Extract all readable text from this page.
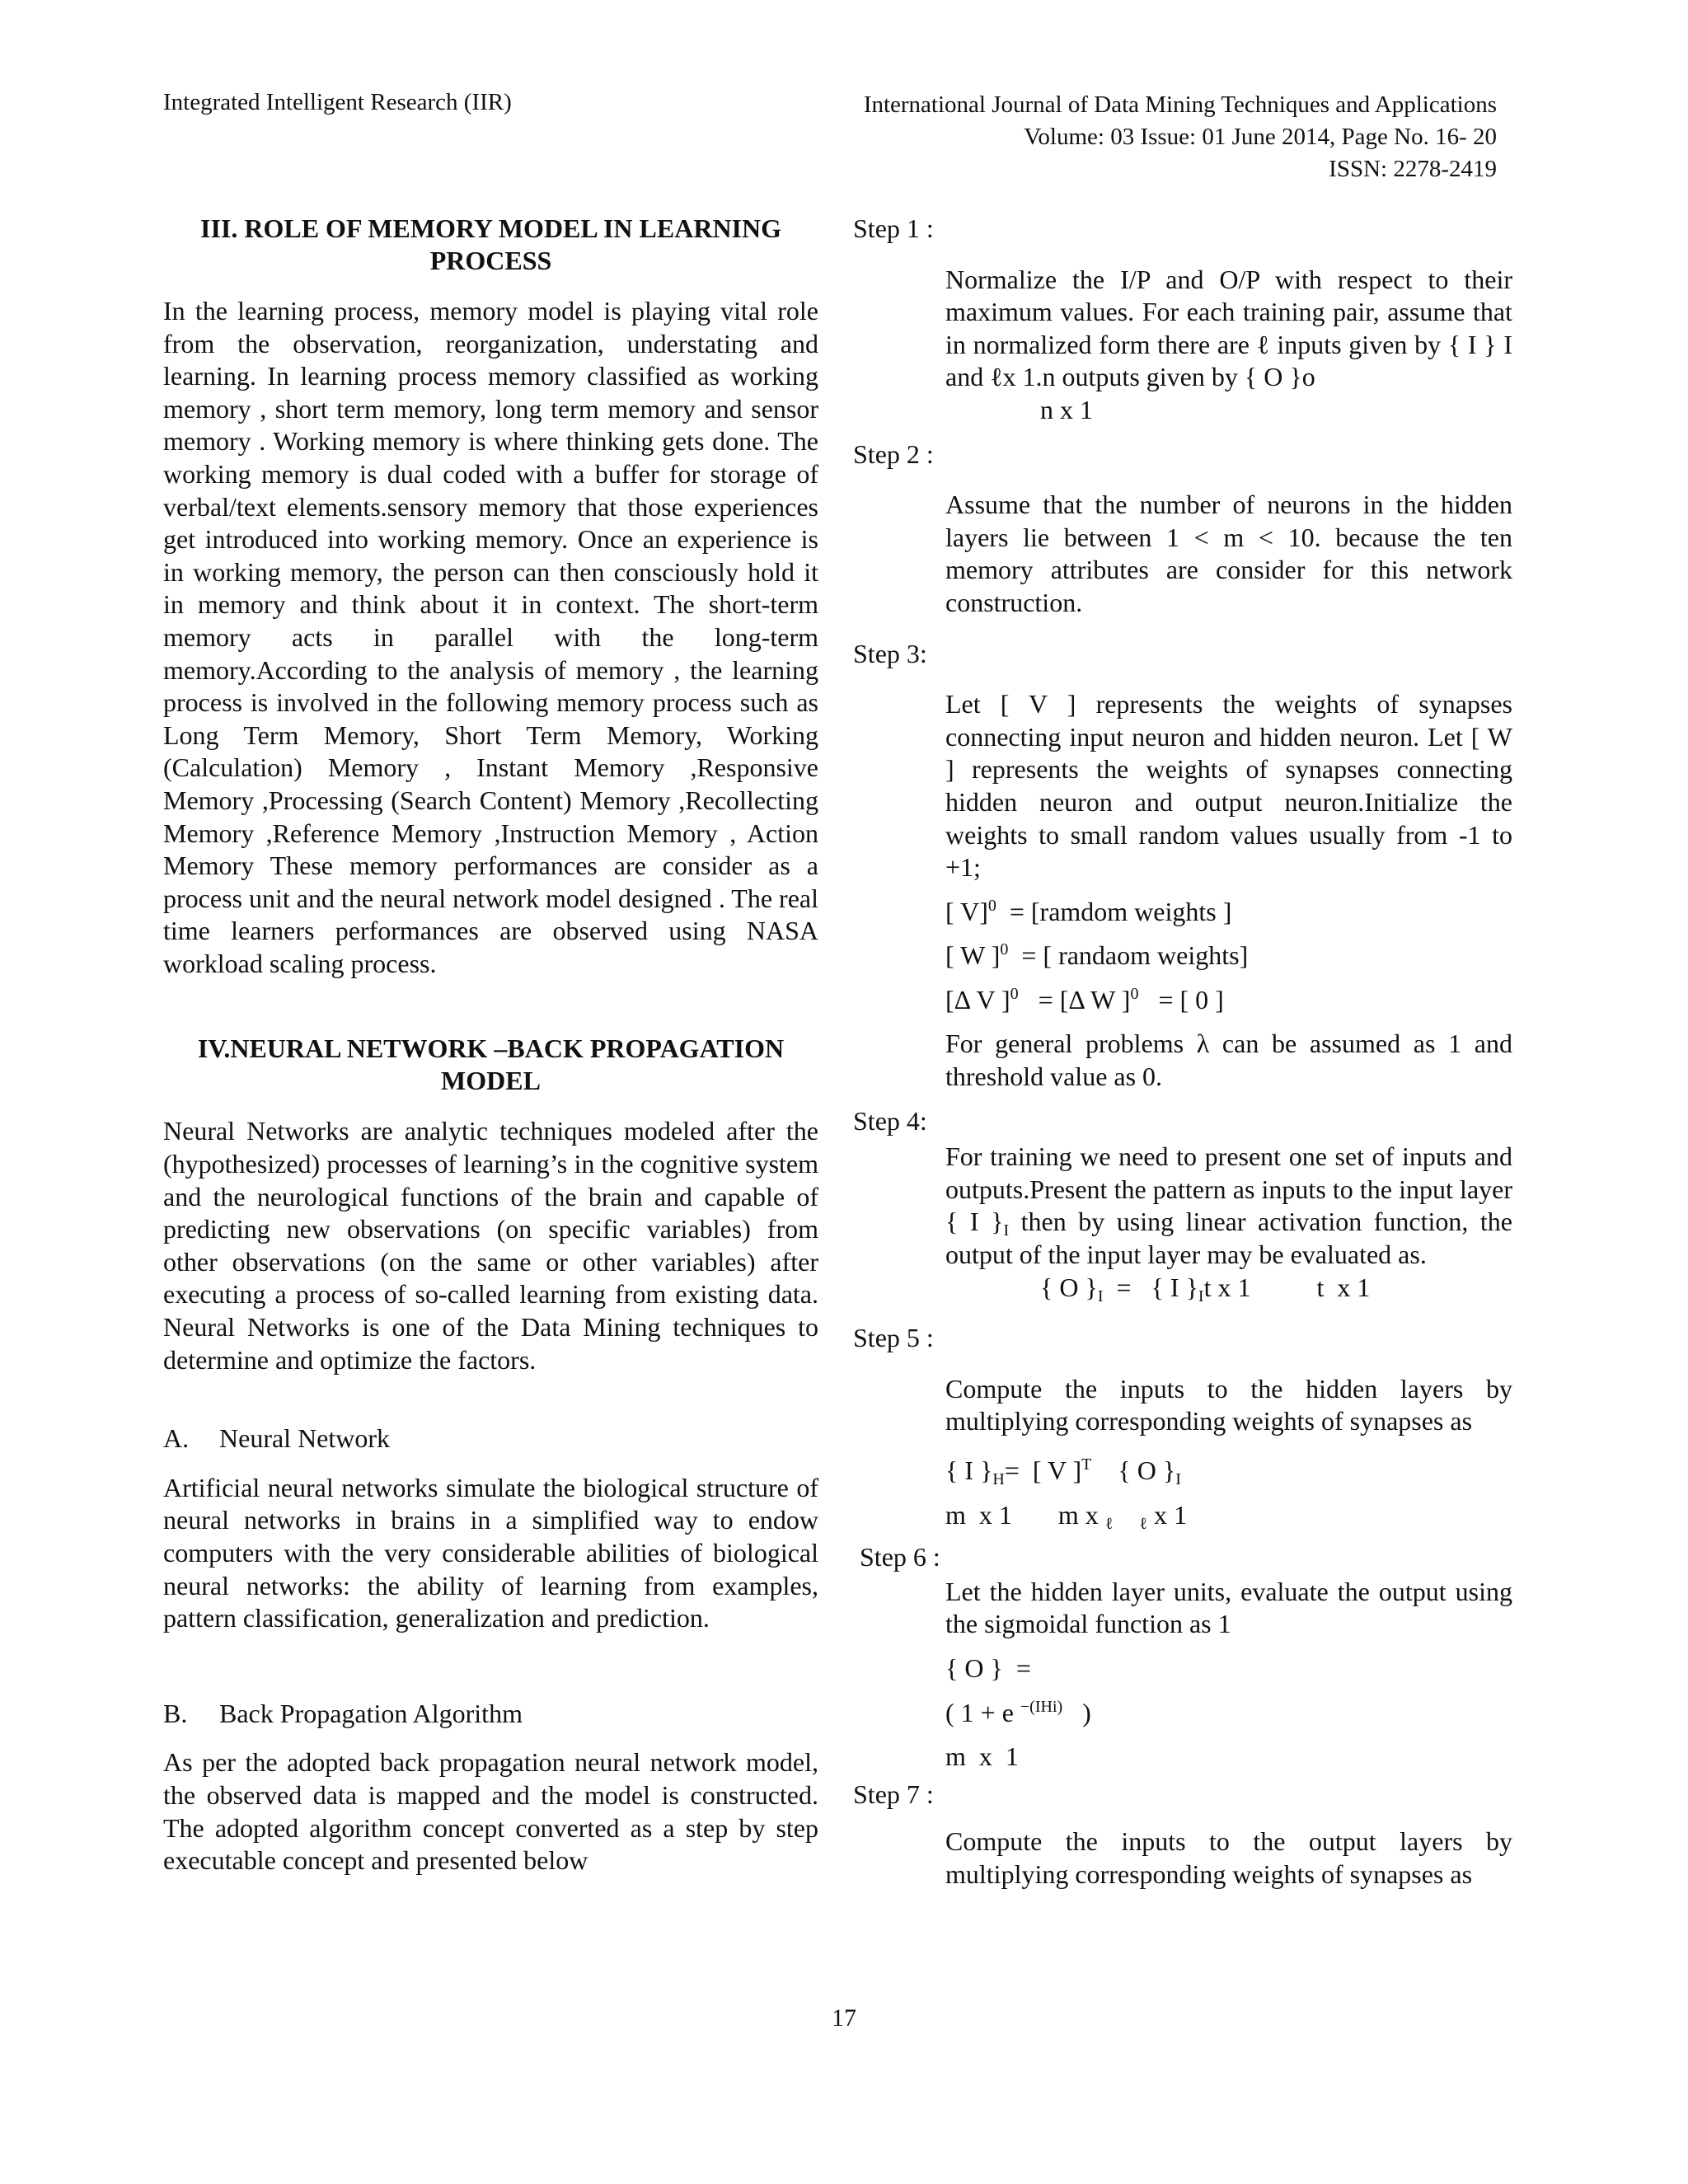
Integrated Intelligent Research (IIR)	International Journal of Data Mining Techniques and Applications
Volume: 03 Issue: 01 June 2014, Page No. 16- 20
ISSN: 2278-2419
III. ROLE OF MEMORY MODEL IN LEARNING
PROCESS

In the learning process, memory model is playing vital role from the observation, reorganization, understating and learning. In learning process memory classified as working memory , short term memory, long term memory and sensor memory . Working memory is where thinking gets done. The working memory is dual coded with a buffer for storage of verbal/text elements.sensory memory that those experiences get introduced into working memory. Once an experience is in working memory, the person can then consciously hold it in memory and think about it in context. The short-term memory acts in parallel with the long-term memory.According to the analysis of memory , the learning process is involved in the following memory process such as Long Term Memory, Short Term Memory, Working (Calculation) Memory , Instant Memory ,Responsive Memory ,Processing (Search Content) Memory ,Recollecting Memory ,Reference Memory ,Instruction Memory , Action Memory These memory performances are consider as a process unit and the neural network model designed . The real time learners performances are observed using NASA workload scaling process.

IV.NEURAL NETWORK –BACK PROPAGATION
MODEL

Neural Networks are analytic techniques modeled after the (hypothesized) processes of learning’s in the cognitive system and the neurological functions of the brain and capable of predicting new observations (on specific variables) from other observations (on the same or other variables) after executing a process of so-called learning from existing data. Neural Networks is one of the Data Mining techniques to determine and optimize the factors.

A. Neural Network

Artificial neural networks simulate the biological structure of neural networks in brains in a simplified way to endow computers with the very considerable abilities of biological neural networks: the ability of learning from examples, pattern classification, generalization and prediction.

B. Back Propagation Algorithm

As per the adopted back propagation neural network model, the observed data is mapped and the model is constructed. The adopted algorithm concept converted as a step by step executable concept and presented below

Step 1 :

Normalize the I/P and O/P with respect to their maximum values. For each training pair, assume that in normalized form there are ℓ inputs given by { I } I and ℓx 1.n outputs given by { O }o

n x 1
Step 2 :

Assume that the number of neurons in the hidden layers lie between 1 < m < 10. because the ten memory attributes are consider for this network construction.

Step 3:

Let [ V ] represents the weights of synapses connecting input neuron and hidden neuron. Let [ W ] represents the weights of synapses connecting hidden neuron and output neuron.Initialize the weights to small random values usually from -1 to +1;

[ V]$^0$ = [ramdom weights ]
[ W ]$^0$ = [ randaom weights]
[Δ V ]$^0$ = [Δ W ]$^0$ = [ 0 ]

For general problems λ can be assumed as 1 and threshold value as 0.

Step 4:

For training we need to present one set of inputs and outputs.Present the pattern as inputs to the input layer { I }I then by using linear activation function, the output of the input layer may be evaluated as.

{ O }I  =   { I }It x 1          t  x 1
Step 5 :

Compute the inputs to the hidden layers by multiplying corresponding weights of synapses as

{ I }H=  [ V ]$^T$    { O }I
m  x 1       m x ℓ ℓ x 1
Step 6 :

Let the hidden layer units, evaluate the output using the sigmoidal function as 1

{ O }  =
( 1 + e $^{-(IHi)}$   )
m  x  1
Step 7 :

Compute the inputs to the output layers by multiplying corresponding weights of synapses as

17
